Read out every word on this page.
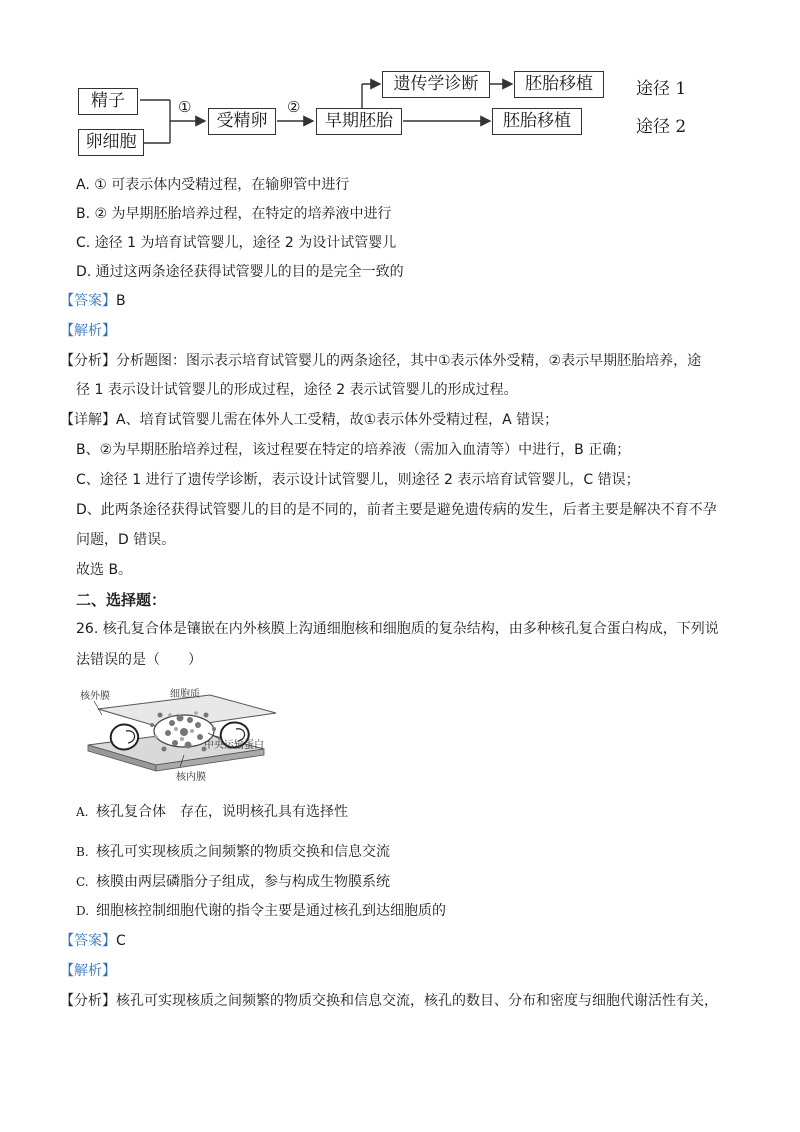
精子
卵细胞
①
受精卵
②
早期胚胎
遗传学诊断	胚胎移植
胚胎移植
途径 1
途径 2
A. ① 可表示体内受精过程，在输卵管中进行
B. ② 为早期胚胎培养过程，在特定的培养液中进行
C. 途径 1 为培育试管婴儿，途径 2 为设计试管婴儿
D. 通过这两条途径获得试管婴儿的目的是完全一致的
【答案】B
【解析】
【分析】分析题图：图示表示培育试管婴儿的两条途径，其中①表示体外受精，②表示早期胚胎培养，途
径 1 表示设计试管婴儿的形成过程，途径 2 表示试管婴儿的形成过程。
【详解】A、培育试管婴儿需在体外人工受精，故①表示体外受精过程，A 错误；
B、②为早期胚胎培养过程，该过程要在特定的培养液（需加入血清等）中进行，B 正确；
C、途径 1 进行了遗传学诊断，表示设计试管婴儿，则途径 2 表示培育试管婴儿，C 错误；
D、此两条途径获得试管婴儿的目的是不同的，前者主要是避免遗传病的发生，后者主要是解决不育不孕
问题，D 错误。
故选 B。
二、选择题：
26. 核孔复合体是镶嵌在内外核膜上沟通细胞核和细胞质的复杂结构，由多种核孔复合蛋白构成，下列说
法错误的是（　　）
核外膜	细胞质
中央运输蛋白
核内膜
A. 核孔复合体　存在，说明核孔具有选择性
B. 核孔可实现核质之间频繁的物质交换和信息交流
C. 核膜由两层磷脂分子组成，参与构成生物膜系统
D. 细胞核控制细胞代谢的指令主要是通过核孔到达细胞质的
【答案】C
【解析】
【分析】核孔可实现核质之间频繁的物质交换和信息交流，核孔的数目、分布和密度与细胞代谢活性有关，
